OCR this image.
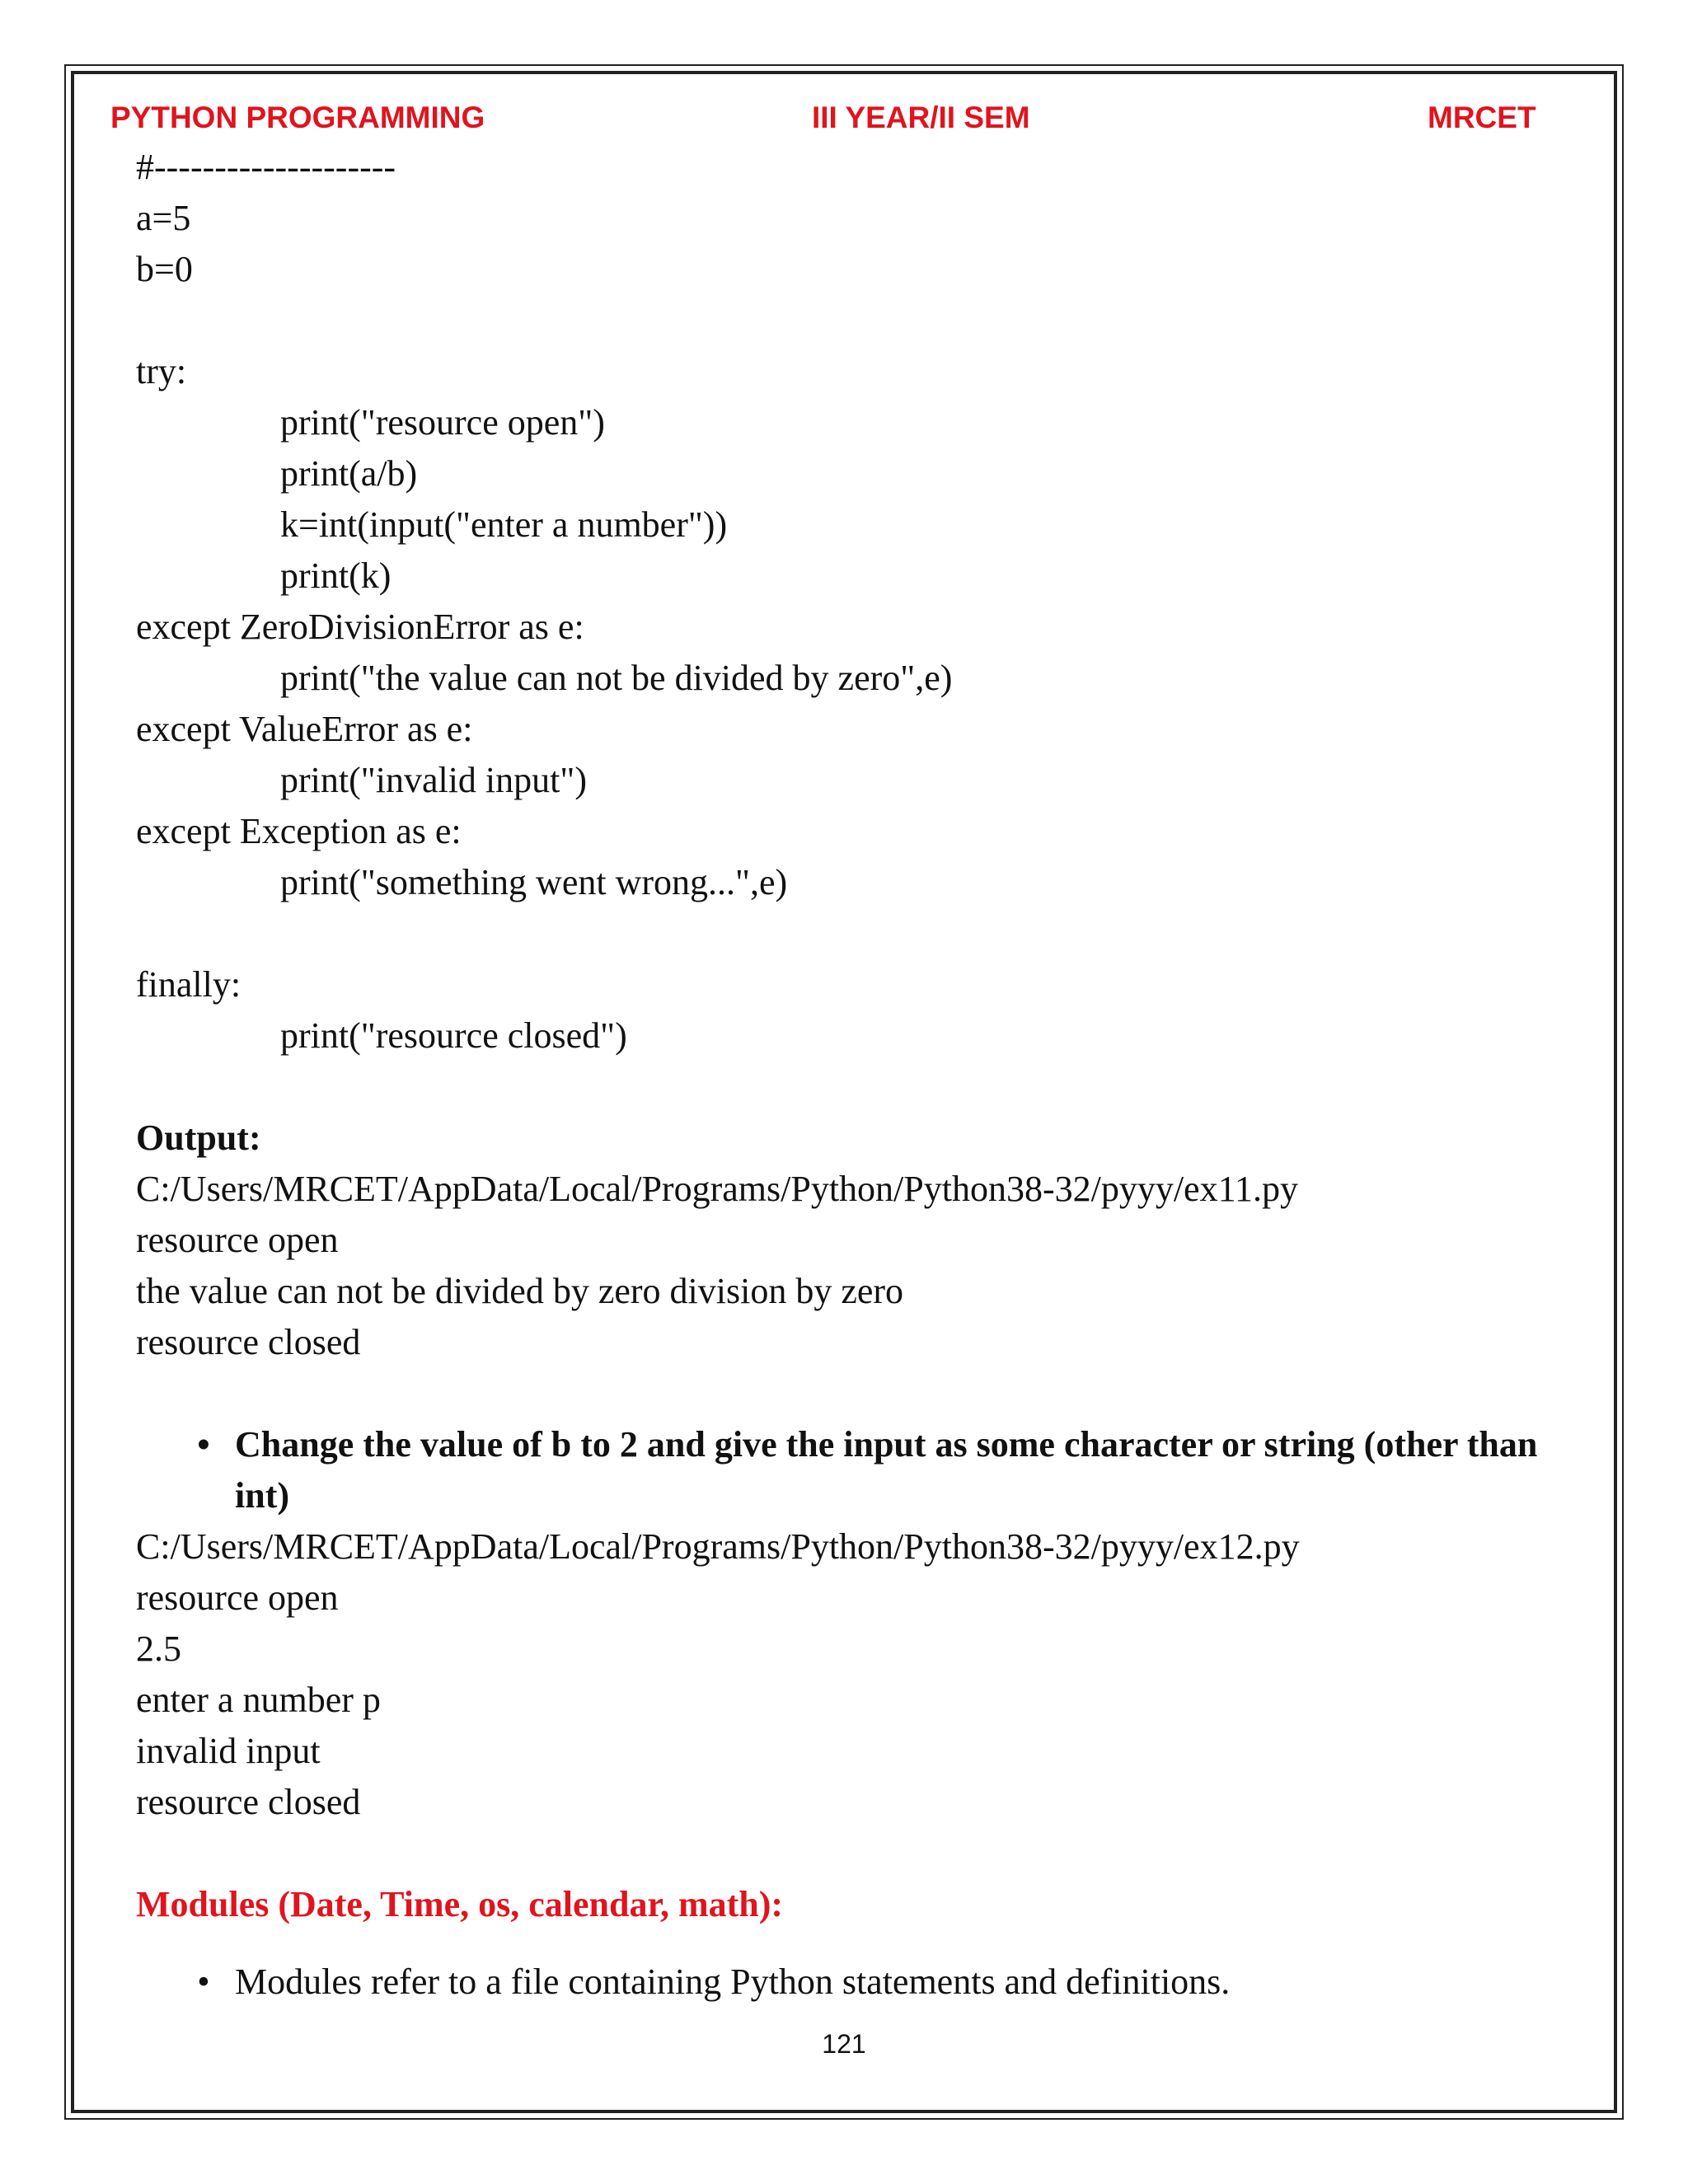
PYTHON PROGRAMMING	III YEAR/II SEM	MRCET
#--------------------
a=5
b=0
try:
print("resource open")
print(a/b)
k=int(input("enter a number"))
print(k)
except ZeroDivisionError as e:
print("the value can not be divided by zero",e)
except ValueError as e:
print("invalid input")
except Exception as e:
print("something went wrong...",e)
finally:
print("resource closed")
Output:
C:/Users/MRCET/AppData/Local/Programs/Python/Python38-32/pyyy/ex11.py
resource open
the value can not be divided by zero division by zero
resource closed
• Change the value of b to 2 and give the input as some character or string (other than int)
C:/Users/MRCET/AppData/Local/Programs/Python/Python38-32/pyyy/ex12.py
resource open
2.5
enter a number p
invalid input
resource closed
Modules (Date, Time, os, calendar, math):
• Modules refer to a file containing Python statements and definitions.
121
